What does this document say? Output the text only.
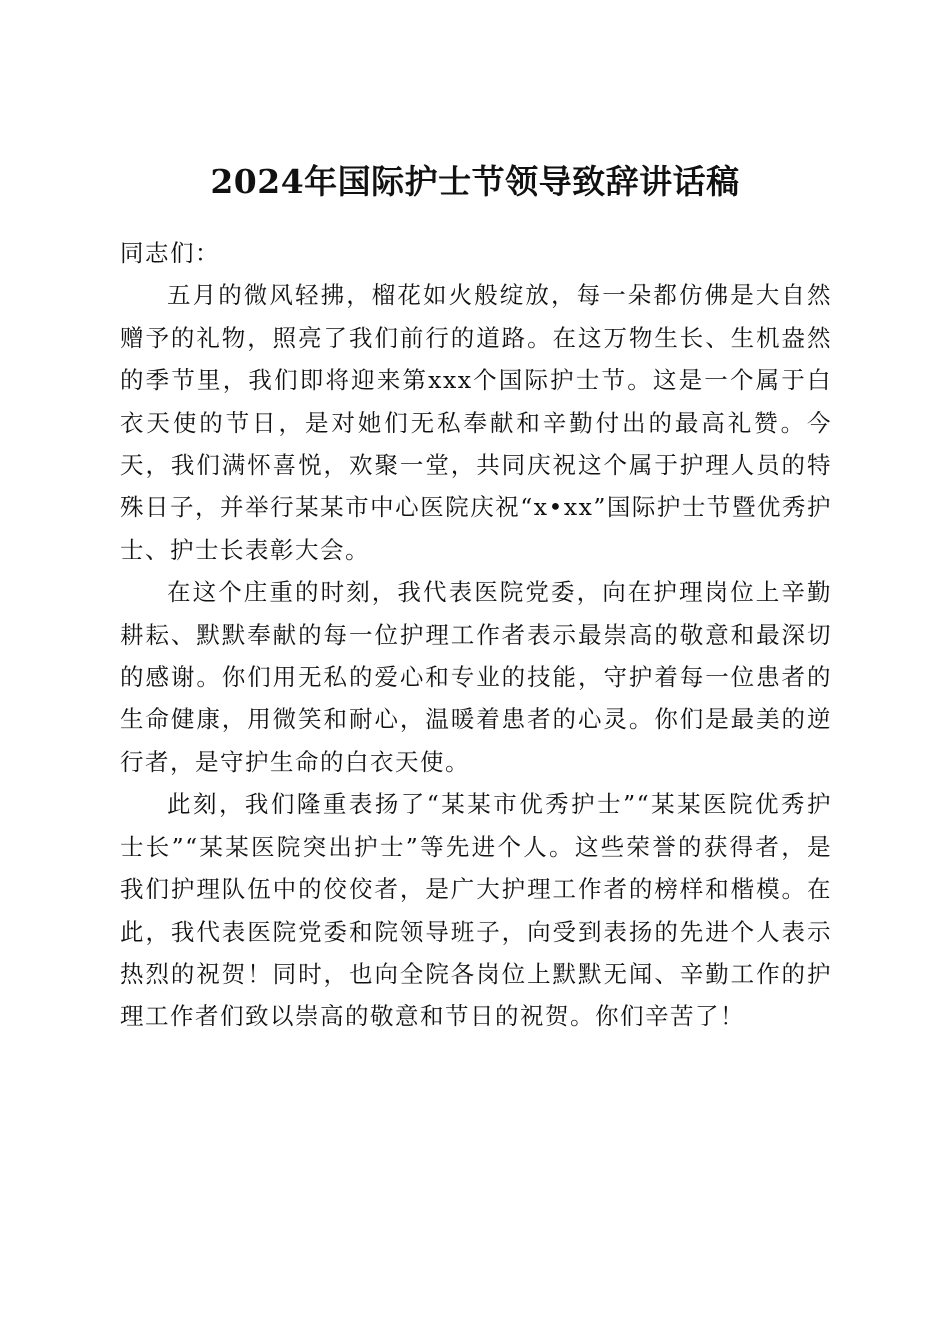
2024年国际护士节领导致辞讲话稿

同志们：

五月的微风轻拂，榴花如火般绽放，每一朵都仿佛是大自然赠予的礼物，照亮了我们前行的道路。在这万物生长、生机盎然的季节里，我们即将迎来第xxx个国际护士节。这是一个属于白衣天使的节日，是对她们无私奉献和辛勤付出的最高礼赞。今天，我们满怀喜悦，欢聚一堂，共同庆祝这个属于护理人员的特殊日子，并举行某某市中心医院庆祝“x•xx”国际护士节暨优秀护士、护士长表彰大会。

在这个庄重的时刻，我代表医院党委，向在护理岗位上辛勤耕耘、默默奉献的每一位护理工作者表示最崇高的敬意和最深切的感谢。你们用无私的爱心和专业的技能，守护着每一位患者的生命健康，用微笑和耐心，温暖着患者的心灵。你们是最美的逆行者，是守护生命的白衣天使。

此刻，我们隆重表扬了“某某市优秀护士”“某某医院优秀护士长”“某某医院突出护士”等先进个人。这些荣誉的获得者，是我们护理队伍中的佼佼者，是广大护理工作者的榜样和楷模。在此，我代表医院党委和院领导班子，向受到表扬的先进个人表示热烈的祝贺！同时，也向全院各岗位上默默无闻、辛勤工作的护理工作者们致以崇高的敬意和节日的祝贺。你们辛苦了！
